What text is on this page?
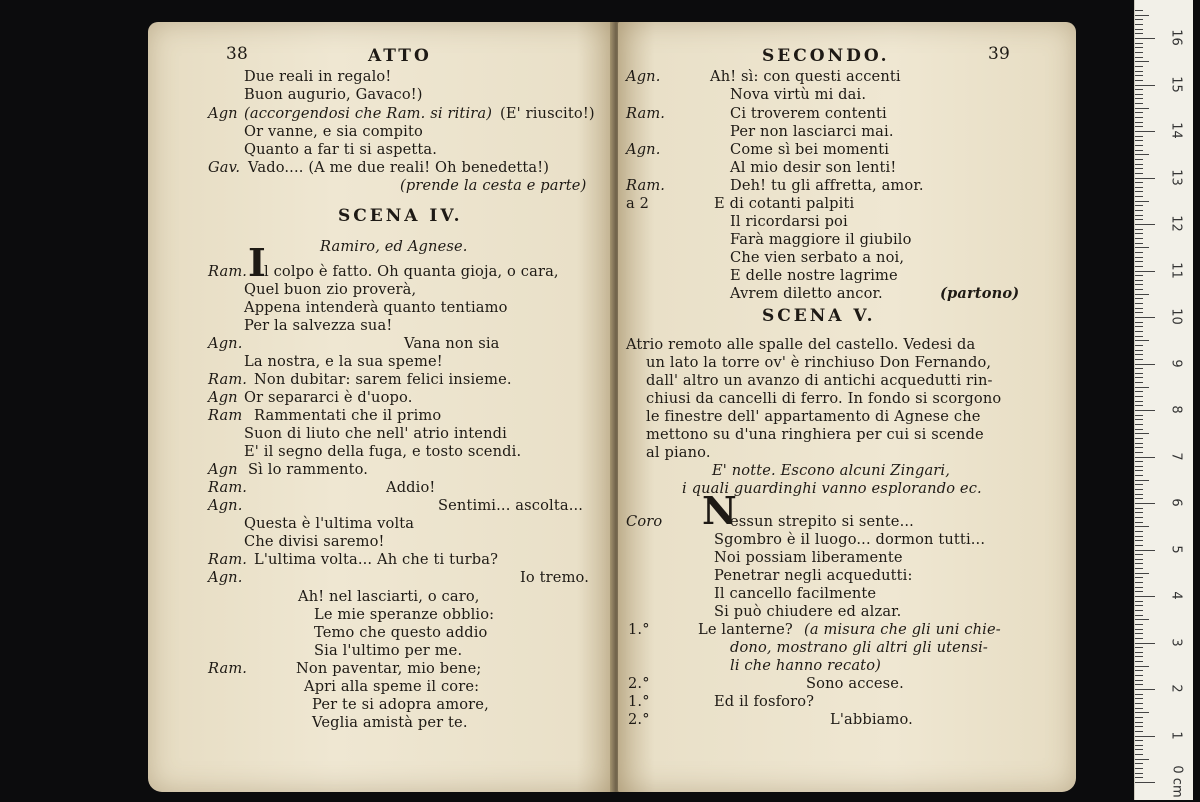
38	ATTO
Due reali in regalo!
Buon augurio, Gavaco!)
Agn (accorgendosi che Ram. si ritira) (E' riuscito!)
Or vanne, e sia compito
Quanto a far ti si aspetta.
Gav. Vado.... (A me due reali! Oh benedetta!)
(prende la cesta e parte)
SCENA IV.
Ramiro, ed Agnese.
Ram. I
l colpo è fatto. Oh quanta gioja, o cara,
Quel buon zio proverà,
Appena intenderà quanto tentiamo
Per la salvezza sua!
Agn.	Vana non sia
La nostra, e la sua speme!
Ram. Non dubitar: sarem felici insieme.
Agn Or separarci è d'uopo.
Ram Rammentati che il primo
Suon di liuto che nell' atrio intendi
E' il segno della fuga, e tosto scendi.
Agn Sì lo rammento.
Ram.	Addio!
Agn.	Sentimi... ascolta...
Questa è l'ultima volta
Che divisi saremo!
Ram. L'ultima volta... Ah che ti turba?
Agn.	Io tremo.
Ah! nel lasciarti, o caro,
Le mie speranze obblio:
Temo che questo addio
Sia l'ultimo per me.
Ram.	Non paventar, mio bene;
Apri alla speme il core:
Per te si adopra amore,
Veglia amistà per te.
SECONDO.	39
Agn.	Ah! sì: con questi accenti
Nova virtù mi dai.
Ram.	Ci troverem contenti
Per non lasciarci mai.
Agn.	Come sì bei momenti
Al mio desir son lenti!
Ram.	Deh! tu gli affretta, amor.
a 2	E di cotanti palpiti
Il ricordarsi poi
Farà maggiore il giubilo
Che vien serbato a noi,
E delle nostre lagrime
Avrem diletto ancor.	(partono)
SCENA V.
Atrio remoto alle spalle del castello. Vedesi da
un lato la torre ov' è rinchiuso Don Fernando,
dall' altro un avanzo di antichi acquedutti rin-
chiusi da cancelli di ferro. In fondo si scorgono
le finestre dell' appartamento di Agnese che
mettono su d'una ringhiera per cui si scende
al piano.
E' notte. Escono alcuni Zingari,
i quali guardinghi vanno esplorando ec.
Coro N
essun strepito si sente...
Sgombro è il luogo... dormon tutti...
Noi possiam liberamente
Penetrar negli acquedutti:
Il cancello facilmente
Si può chiudere ed alzar.
1.°	Le lanterne? (a misura che gli uni chie-
dono, mostrano gli altri gli utensi-
li che hanno recato)
2.°	Sono accese.
1.°	Ed il fosforo?
2.°	L'abbiamo.
0 cm
1
2
3
4
5
6
7
8
9
10
11
12
13
14
15
16
